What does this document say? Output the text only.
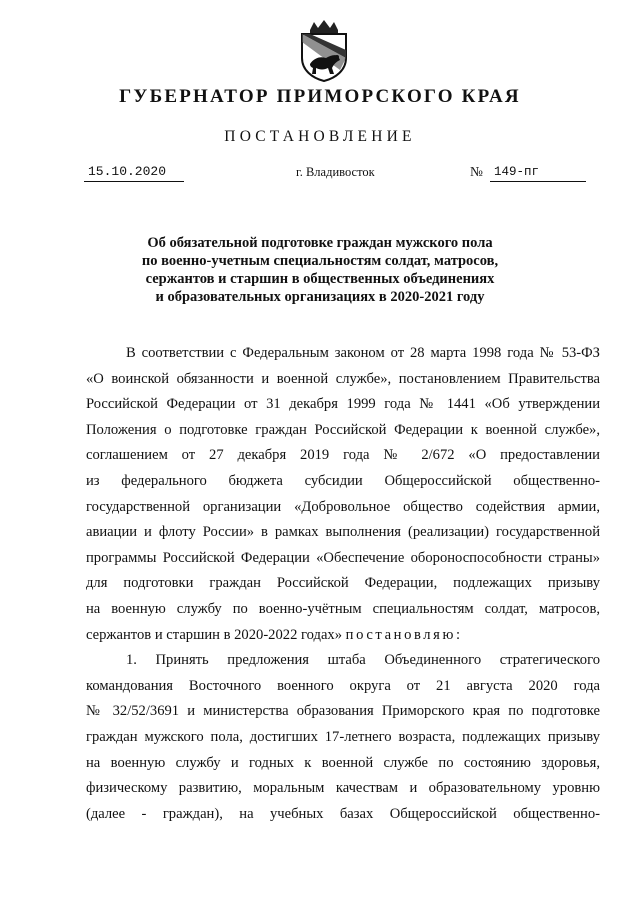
ГУБЕРНАТОР ПРИМОРСКОГО КРАЯ
ПОСТАНОВЛЕНИЕ
15.10.2020	г. Владивосток	№ 149-пг
Об обязательной подготовке граждан мужского пола
по военно-учетным специальностям солдат, матросов,
сержантов и старшин в общественных объединениях
и образовательных организациях в 2020-2021 году
В соответствии с Федеральным законом от 28 марта 1998 года № 53-ФЗ
«О воинской обязанности и военной службе», постановлением Правительства
Российской Федерации от 31 декабря 1999 года № 1441 «Об утверждении
Положения о подготовке граждан Российской Федерации к военной службе»,
соглашением от 27 декабря 2019 года № 2/672 «О предоставлении
из федерального бюджета субсидии Общероссийской общественно-
государственной организации «Добровольное общество содействия армии,
авиации и флоту России» в рамках выполнения (реализации) государственной
программы Российской Федерации «Обеспечение обороноспособности страны»
для подготовки граждан Российской Федерации, подлежащих призыву
на военную службу по военно-учётным специальностям солдат, матросов,
сержантов и старшин в 2020-2022 годах» постановляю:
1. Принять предложения штаба Объединенного стратегического
командования Восточного военного округа от 21 августа 2020 года
№ 32/52/3691 и министерства образования Приморского края по подготовке
граждан мужского пола, достигших 17-летнего возраста, подлежащих призыву
на военную службу и годных к военной службе по состоянию здоровья,
физическому развитию, моральным качествам и образовательному уровню
(далее - граждан), на учебных базах Общероссийской общественно-
